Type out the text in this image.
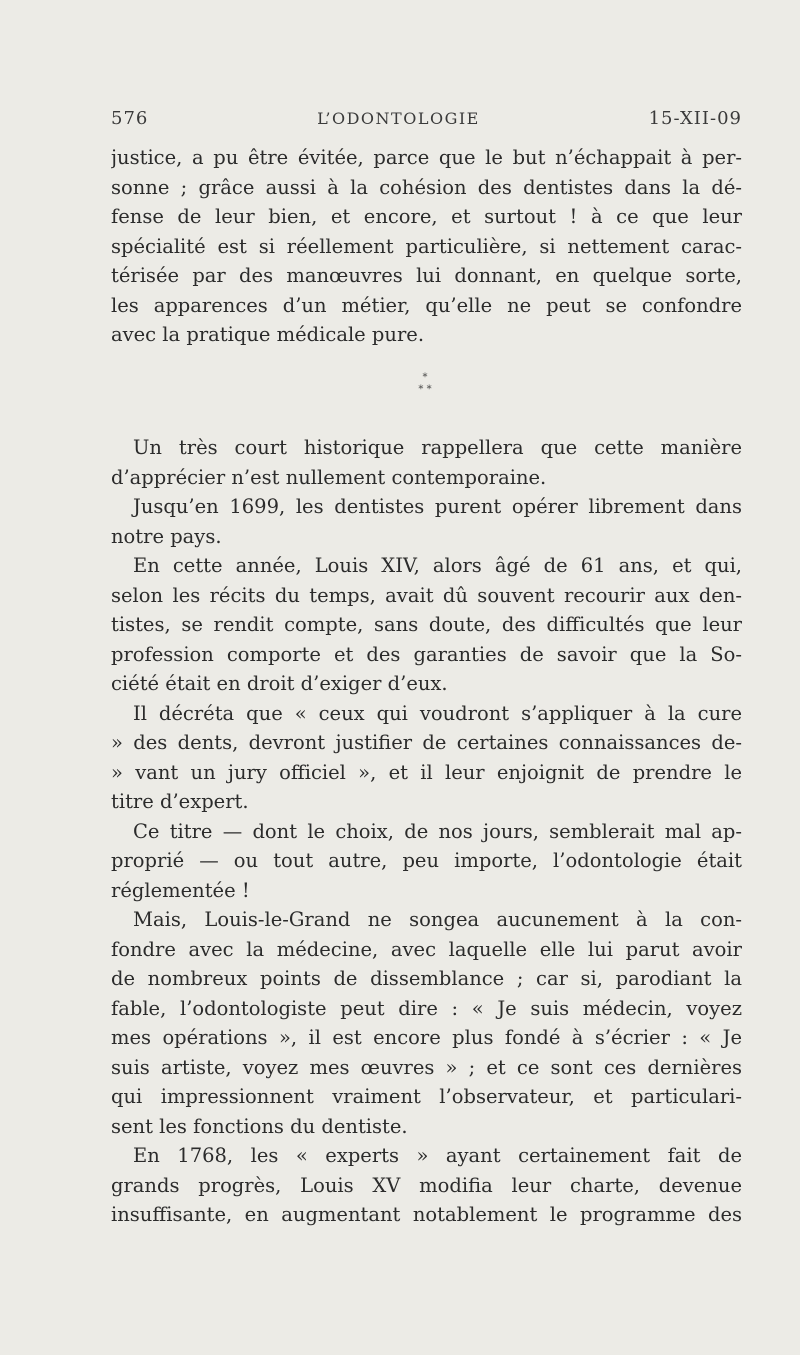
576	L’ODONTOLOGIE	15-XII-09
justice, a pu être évitée, parce que le but n’échappait à per-
sonne ; grâce aussi à la cohésion des dentistes dans la dé-
fense de leur bien, et encore, et surtout ! à ce que leur
spécialité est si réellement particulière, si nettement carac-
térisée par des manœuvres lui donnant, en quelque sorte,
les apparences d’un métier, qu’elle ne peut se confondre
avec la pratique médicale pure.
*
* *
Un très court historique rappellera que cette manière
d’apprécier n’est nullement contemporaine.
Jusqu’en 1699, les dentistes purent opérer librement dans
notre pays.
En cette année, Louis XIV, alors âgé de 61 ans, et qui,
selon les récits du temps, avait dû souvent recourir aux den-
tistes, se rendit compte, sans doute, des difficultés que leur
profession comporte et des garanties de savoir que la So-
ciété était en droit d’exiger d’eux.
Il décréta que « ceux qui voudront s’appliquer à la cure
» des dents, devront justifier de certaines connaissances de-
» vant un jury officiel », et il leur enjoignit de prendre le
titre d’expert.
Ce titre — dont le choix, de nos jours, semblerait mal ap-
proprié — ou tout autre, peu importe, l’odontologie était
réglementée !
Mais, Louis-le-Grand ne songea aucunement à la con-
fondre avec la médecine, avec laquelle elle lui parut avoir
de nombreux points de dissemblance ; car si, parodiant la
fable, l’odontologiste peut dire : « Je suis médecin, voyez
mes opérations », il est encore plus fondé à s’écrier : « Je
suis artiste, voyez mes œuvres » ; et ce sont ces dernières
qui impressionnent vraiment l’observateur, et particulari-
sent les fonctions du dentiste.
En 1768, les « experts » ayant certainement fait de
grands progrès, Louis XV modifia leur charte, devenue
insuffisante, en augmentant notablement le programme des
